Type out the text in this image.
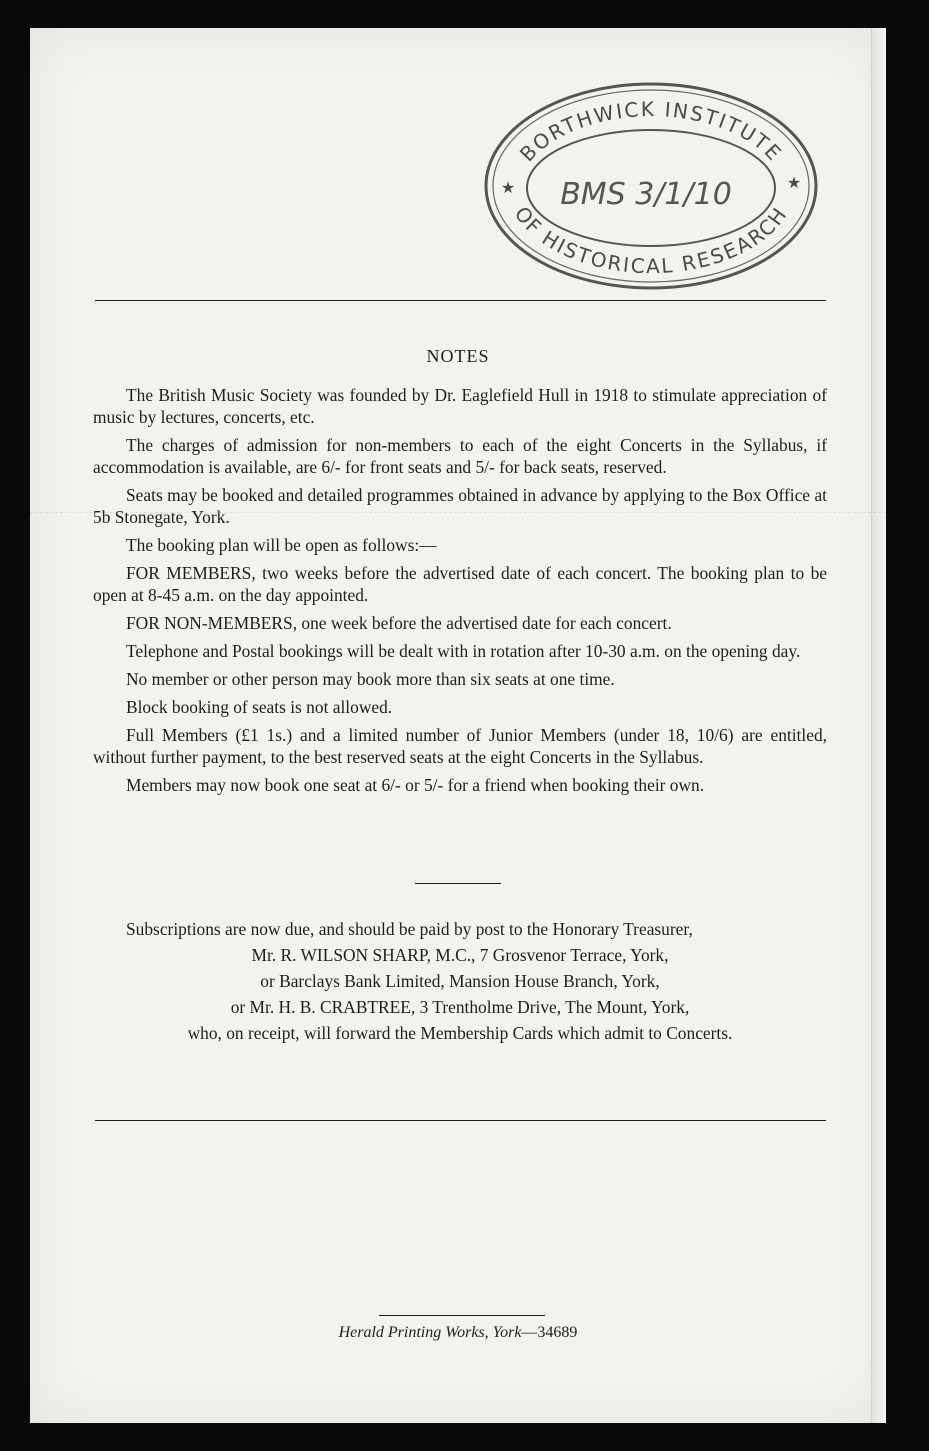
BORTHWICK INSTITUTE
OF HISTORICAL RESEARCH
★	★
BMS 3/1/10
NOTES

The British Music Society was founded by Dr. Eaglefield Hull in 1918 to stimulate appreciation of music by lectures, concerts, etc.

The charges of admission for non-members to each of the eight Concerts in the Syllabus, if accommodation is available, are 6/- for front seats and 5/- for back seats, reserved.

Seats may be booked and detailed programmes obtained in advance by applying to the Box Office at 5b Stonegate, York.

The booking plan will be open as follows:—

FOR MEMBERS, two weeks before the advertised date of each concert. The booking plan to be open at 8-45 a.m. on the day appointed.

FOR NON-MEMBERS, one week before the advertised date for each concert.

Telephone and Postal bookings will be dealt with in rotation after 10-30 a.m. on the opening day.

No member or other person may book more than six seats at one time.

Block booking of seats is not allowed.

Full Members (£1 1s.) and a limited number of Junior Members (under 18, 10/6) are entitled, without further payment, to the best reserved seats at the eight Concerts in the Syllabus.

Members may now book one seat at 6/- or 5/- for a friend when booking their own.

Subscriptions are now due, and should be paid by post to the Honorary Treasurer,

Mr. R. WILSON SHARP, M.C., 7 Grosvenor Terrace, York,

or Barclays Bank Limited, Mansion House Branch, York,

or Mr. H. B. CRABTREE, 3 Trentholme Drive, The Mount, York,

who, on receipt, will forward the Membership Cards which admit to Concerts.

Herald Printing Works, York—34689
